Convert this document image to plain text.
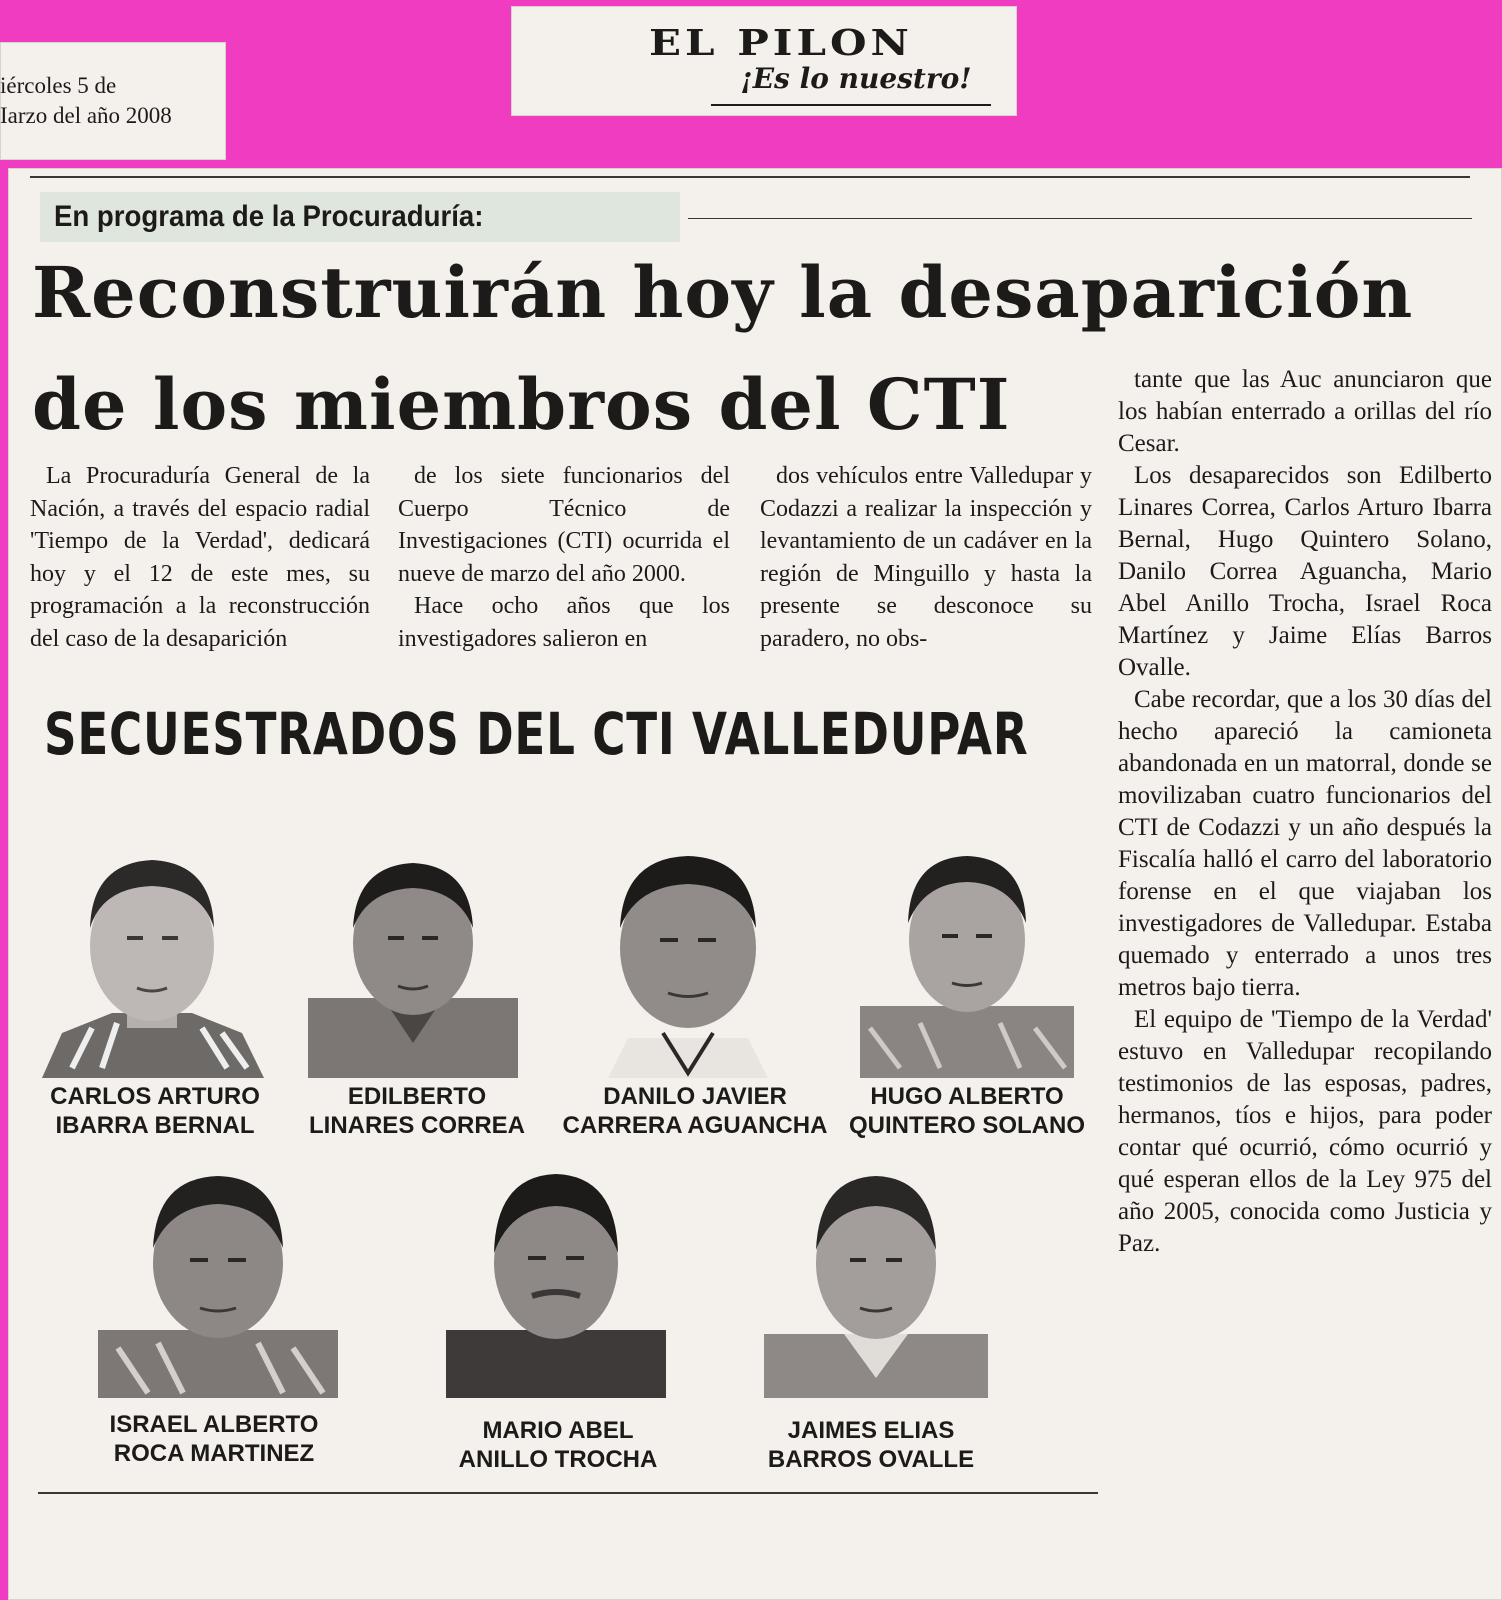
iércoles 5 de
Iarzo del año 2008
EL PILON
¡Es lo nuestro!
En programa de la Procuraduría:
Reconstruirán hoy la desaparición
de los miembros del CTI

La Procuraduría General de la Nación, a través del espacio radial 'Tiempo de la Verdad', dedicará hoy y el 12 de este mes, su programación a la reconstrucción del caso de la desaparición

de los siete funcionarios del Cuerpo Técnico de Investigaciones (CTI) ocurrida el nueve de marzo del año 2000.

Hace ocho años que los investigadores salieron en

dos vehículos entre Valledupar y Codazzi a realizar la inspección y levantamiento de un cadáver en la región de Minguillo y hasta la presente se desconoce su paradero, no obs-

tante que las Auc anunciaron que los habían enterrado a orillas del río Cesar.

Los desaparecidos son Edilberto Linares Correa, Carlos Arturo Ibarra Bernal, Hugo Quintero Solano, Danilo Correa Aguancha, Mario Abel Anillo Trocha, Israel Roca Martínez y Jaime Elías Barros Ovalle.

Cabe recordar, que a los 30 días del hecho apareció la camioneta abandonada en un matorral, donde se movilizaban cuatro funcionarios del CTI de Codazzi y un año después la Fiscalía halló el carro del laboratorio forense en el que viajaban los investigadores de Valledupar. Estaba quemado y enterrado a unos tres metros bajo tierra.

El equipo de 'Tiempo de la Verdad' estuvo en Valledupar recopilando testimonios de las esposas, padres, hermanos, tíos e hijos, para poder contar qué ocurrió, cómo ocurrió y qué esperan ellos de la Ley 975 del año 2005, conocida como Justicia y Paz.

SECUESTRADOS DEL CTI VALLEDUPAR
CARLOS ARTURO
IBARRA BERNAL
EDILBERTO
LINARES CORREA
DANILO JAVIER
CARRERA AGUANCHA
HUGO ALBERTO
QUINTERO SOLANO
ISRAEL ALBERTO
ROCA MARTINEZ
MARIO ABEL
ANILLO TROCHA
JAIMES ELIAS
BARROS OVALLE
